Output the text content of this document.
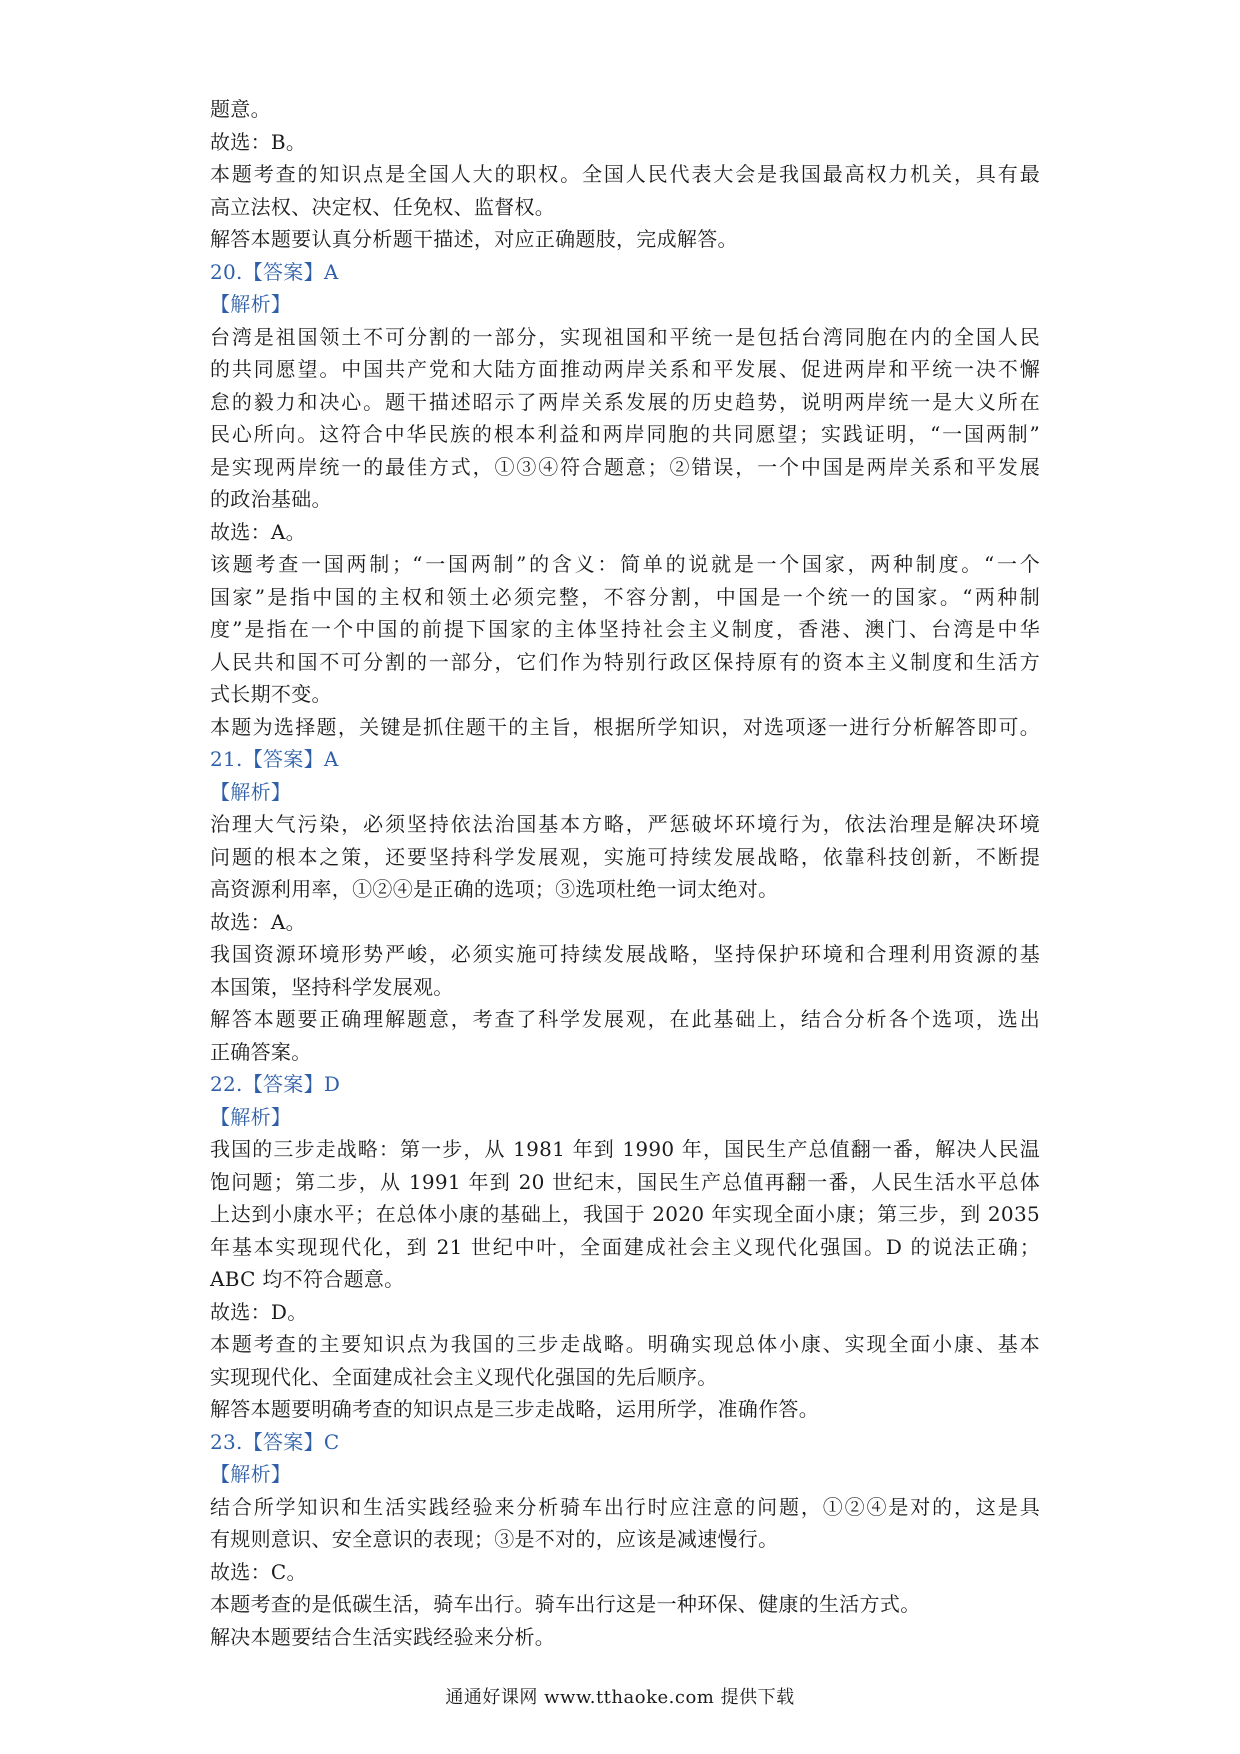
题意。
故选：B。
本题考查的知识点是全国人大的职权。全国人民代表大会是我国最高权力机关，具有最
高立法权、决定权、任免权、监督权。
解答本题要认真分析题干描述，对应正确题肢，完成解答。
20.【答案】A
【解析】
台湾是祖国领土不可分割的一部分，实现祖国和平统一是包括台湾同胞在内的全国人民
的共同愿望。中国共产党和大陆方面推动两岸关系和平发展、促进两岸和平统一决不懈
怠的毅力和决心。题干描述昭示了两岸关系发展的历史趋势，说明两岸统一是大义所在
民心所向。这符合中华民族的根本利益和两岸同胞的共同愿望；实践证明，“一国两制”
是实现两岸统一的最佳方式，①③④符合题意；②错误，一个中国是两岸关系和平发展
的政治基础。
故选：A。
该题考查一国两制；“一国两制”的含义：简单的说就是一个国家，两种制度。“一个
国家”是指中国的主权和领土必须完整，不容分割，中国是一个统一的国家。“两种制
度”是指在一个中国的前提下国家的主体坚持社会主义制度，香港、澳门、台湾是中华
人民共和国不可分割的一部分，它们作为特别行政区保持原有的资本主义制度和生活方
式长期不变。
本题为选择题，关键是抓住题干的主旨，根据所学知识，对选项逐一进行分析解答即可。
21.【答案】A
【解析】
治理大气污染，必须坚持依法治国基本方略，严惩破坏环境行为，依法治理是解决环境
问题的根本之策，还要坚持科学发展观，实施可持续发展战略，依靠科技创新，不断提
高资源利用率，①②④是正确的选项；③选项杜绝一词太绝对。
故选：A。
我国资源环境形势严峻，必须实施可持续发展战略，坚持保护环境和合理利用资源的基
本国策，坚持科学发展观。
解答本题要正确理解题意，考查了科学发展观，在此基础上，结合分析各个选项，选出
正确答案。
22.【答案】D
【解析】
我国的三步走战略：第一步，从 1981 年到 1990 年，国民生产总值翻一番，解决人民温
饱问题；第二步，从 1991 年到 20 世纪末，国民生产总值再翻一番，人民生活水平总体
上达到小康水平；在总体小康的基础上，我国于 2020 年实现全面小康；第三步，到 2035
年基本实现现代化，到 21 世纪中叶，全面建成社会主义现代化强国。D 的说法正确；
ABC 均不符合题意。
故选：D。
本题考查的主要知识点为我国的三步走战略。明确实现总体小康、实现全面小康、基本
实现现代化、全面建成社会主义现代化强国的先后顺序。
解答本题要明确考查的知识点是三步走战略，运用所学，准确作答。
23.【答案】C
【解析】
结合所学知识和生活实践经验来分析骑车出行时应注意的问题，①②④是对的，这是具
有规则意识、安全意识的表现；③是不对的，应该是减速慢行。
故选：C。
本题考查的是低碳生活，骑车出行。骑车出行这是一种环保、健康的生活方式。
解决本题要结合生活实践经验来分析。
通通好课网 www.tthaoke.com 提供下载
